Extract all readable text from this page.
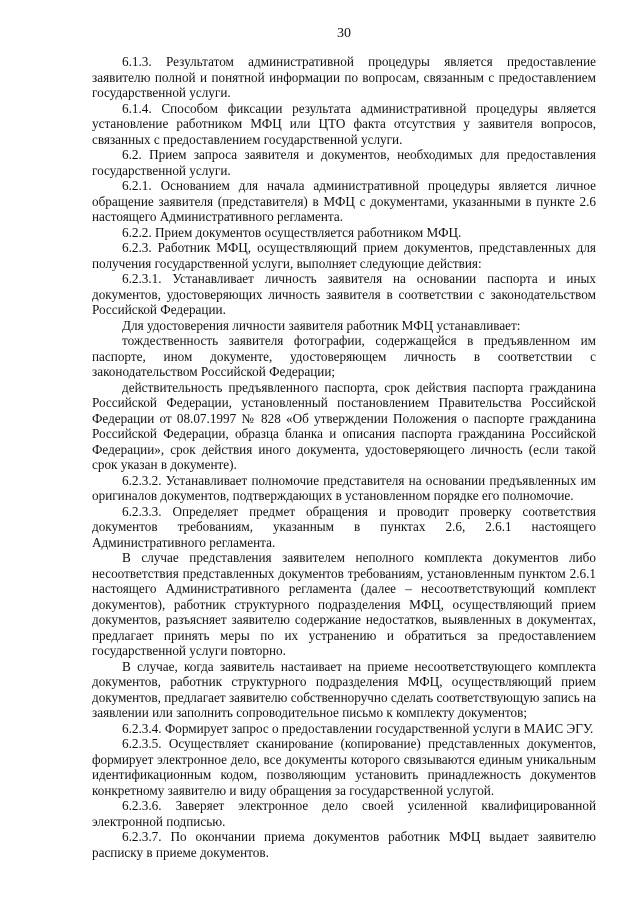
30

6.1.3. Результатом административной процедуры является предоставление заявителю полной и понятной информации по вопросам, связанным с предоставлением государственной услуги.

6.1.4. Способом фиксации результата административной процедуры является установление работником МФЦ или ЦТО факта отсутствия у заявителя вопросов, связанных с предоставлением государственной услуги.

6.2. Прием запроса заявителя и документов, необходимых для предоставления государственной услуги.

6.2.1. Основанием для начала административной процедуры является личное обращение заявителя (представителя) в МФЦ с документами, указанными в пункте 2.6 настоящего Административного регламента.

6.2.2. Прием документов осуществляется работником МФЦ.

6.2.3. Работник МФЦ, осуществляющий прием документов, представленных для получения государственной услуги, выполняет следующие действия:

6.2.3.1. Устанавливает личность заявителя на основании паспорта и иных документов, удостоверяющих личность заявителя в соответствии с законодательством Российской Федерации.

Для удостоверения личности заявителя работник МФЦ устанавливает:

тождественность заявителя фотографии, содержащейся в предъявленном им паспорте, ином документе, удостоверяющем личность в соответствии с законодательством Российской Федерации;

действительность предъявленного паспорта, срок действия паспорта гражданина Российской Федерации, установленный постановлением Правительства Российской Федерации от 08.07.1997 № 828 «Об утверждении Положения о паспорте гражданина Российской Федерации, образца бланка и описания паспорта гражданина Российской Федерации», срок действия иного документа, удостоверяющего личность (если такой срок указан в документе).

6.2.3.2. Устанавливает полномочие представителя на основании предъявленных им оригиналов документов, подтверждающих в установленном порядке его полномочие.

6.2.3.3. Определяет предмет обращения и проводит проверку соответствия документов требованиям, указанным в пунктах 2.6, 2.6.1 настоящего Административного регламента.

В случае представления заявителем неполного комплекта документов либо несоответствия представленных документов требованиям, установленным пунктом 2.6.1 настоящего Административного регламента (далее – несоответствующий комплект документов), работник структурного подразделения МФЦ, осуществляющий прием документов, разъясняет заявителю содержание недостатков, выявленных в документах, предлагает принять меры по их устранению и обратиться за предоставлением государственной услуги повторно.

В случае, когда заявитель настаивает на приеме несоответствующего комплекта документов, работник структурного подразделения МФЦ, осуществляющий прием документов, предлагает заявителю собственноручно сделать соответствующую запись на заявлении или заполнить сопроводительное письмо к комплекту документов;

6.2.3.4. Формирует запрос о предоставлении государственной услуги в МАИС ЭГУ.

6.2.3.5. Осуществляет сканирование (копирование) представленных документов, формирует электронное дело, все документы которого связываются единым уникальным идентификационным кодом, позволяющим установить принадлежность документов конкретному заявителю и виду обращения за государственной услугой.

6.2.3.6. Заверяет электронное дело своей усиленной квалифицированной электронной подписью.

6.2.3.7. По окончании приема документов работник МФЦ выдает заявителю расписку в приеме документов.
